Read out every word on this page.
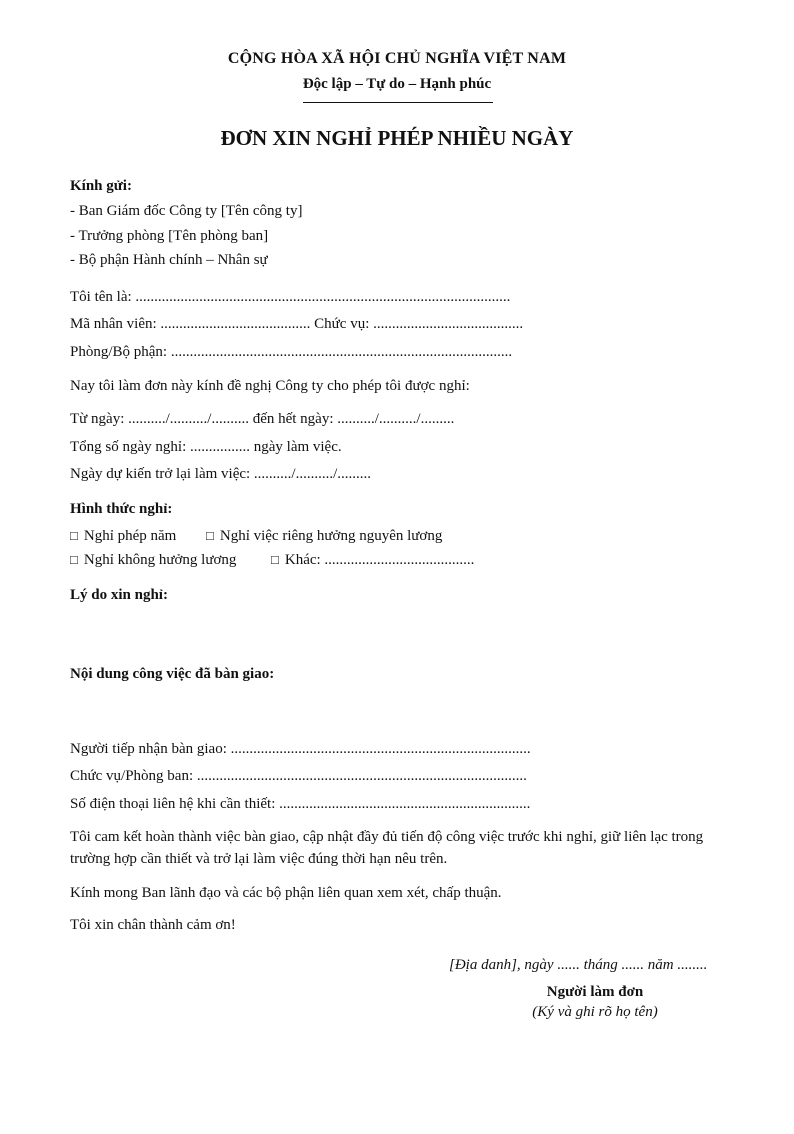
CỘNG HÒA XÃ HỘI CHỦ NGHĨA VIỆT NAM
Độc lập – Tự do – Hạnh phúc
ĐƠN XIN NGHỈ PHÉP NHIỀU NGÀY
Kính gửi:
- Ban Giám đốc Công ty [Tên công ty]
- Trưởng phòng [Tên phòng ban]
- Bộ phận Hành chính – Nhân sự
Tôi tên là: ....................................................................................................
Mã nhân viên: ........................................ Chức vụ: ........................................
Phòng/Bộ phận: ...........................................................................................
Nay tôi làm đơn này kính đề nghị Công ty cho phép tôi được nghỉ:
Từ ngày: ........../........../.......... đến hết ngày: ........../........../.........
Tổng số ngày nghỉ: ................ ngày làm việc.
Ngày dự kiến trở lại làm việc: ........../........../.........
Hình thức nghỉ:
□ Nghỉ phép năm □ Nghỉ việc riêng hưởng nguyên lương
□ Nghỉ không hưởng lương	□ Khác: ........................................
Lý do xin nghỉ:
Nội dung công việc đã bàn giao:
Người tiếp nhận bàn giao: ................................................................................
Chức vụ/Phòng ban: ........................................................................................
Số điện thoại liên hệ khi cần thiết: ...................................................................
Tôi cam kết hoàn thành việc bàn giao, cập nhật đầy đủ tiến độ công việc trước khi nghỉ, giữ liên lạc trong trường hợp cần thiết và trở lại làm việc đúng thời hạn nêu trên.
Kính mong Ban lãnh đạo và các bộ phận liên quan xem xét, chấp thuận.
Tôi xin chân thành cảm ơn!
[Địa danh], ngày ...... tháng ...... năm ........
Người làm đơn
(Ký và ghi rõ họ tên)
